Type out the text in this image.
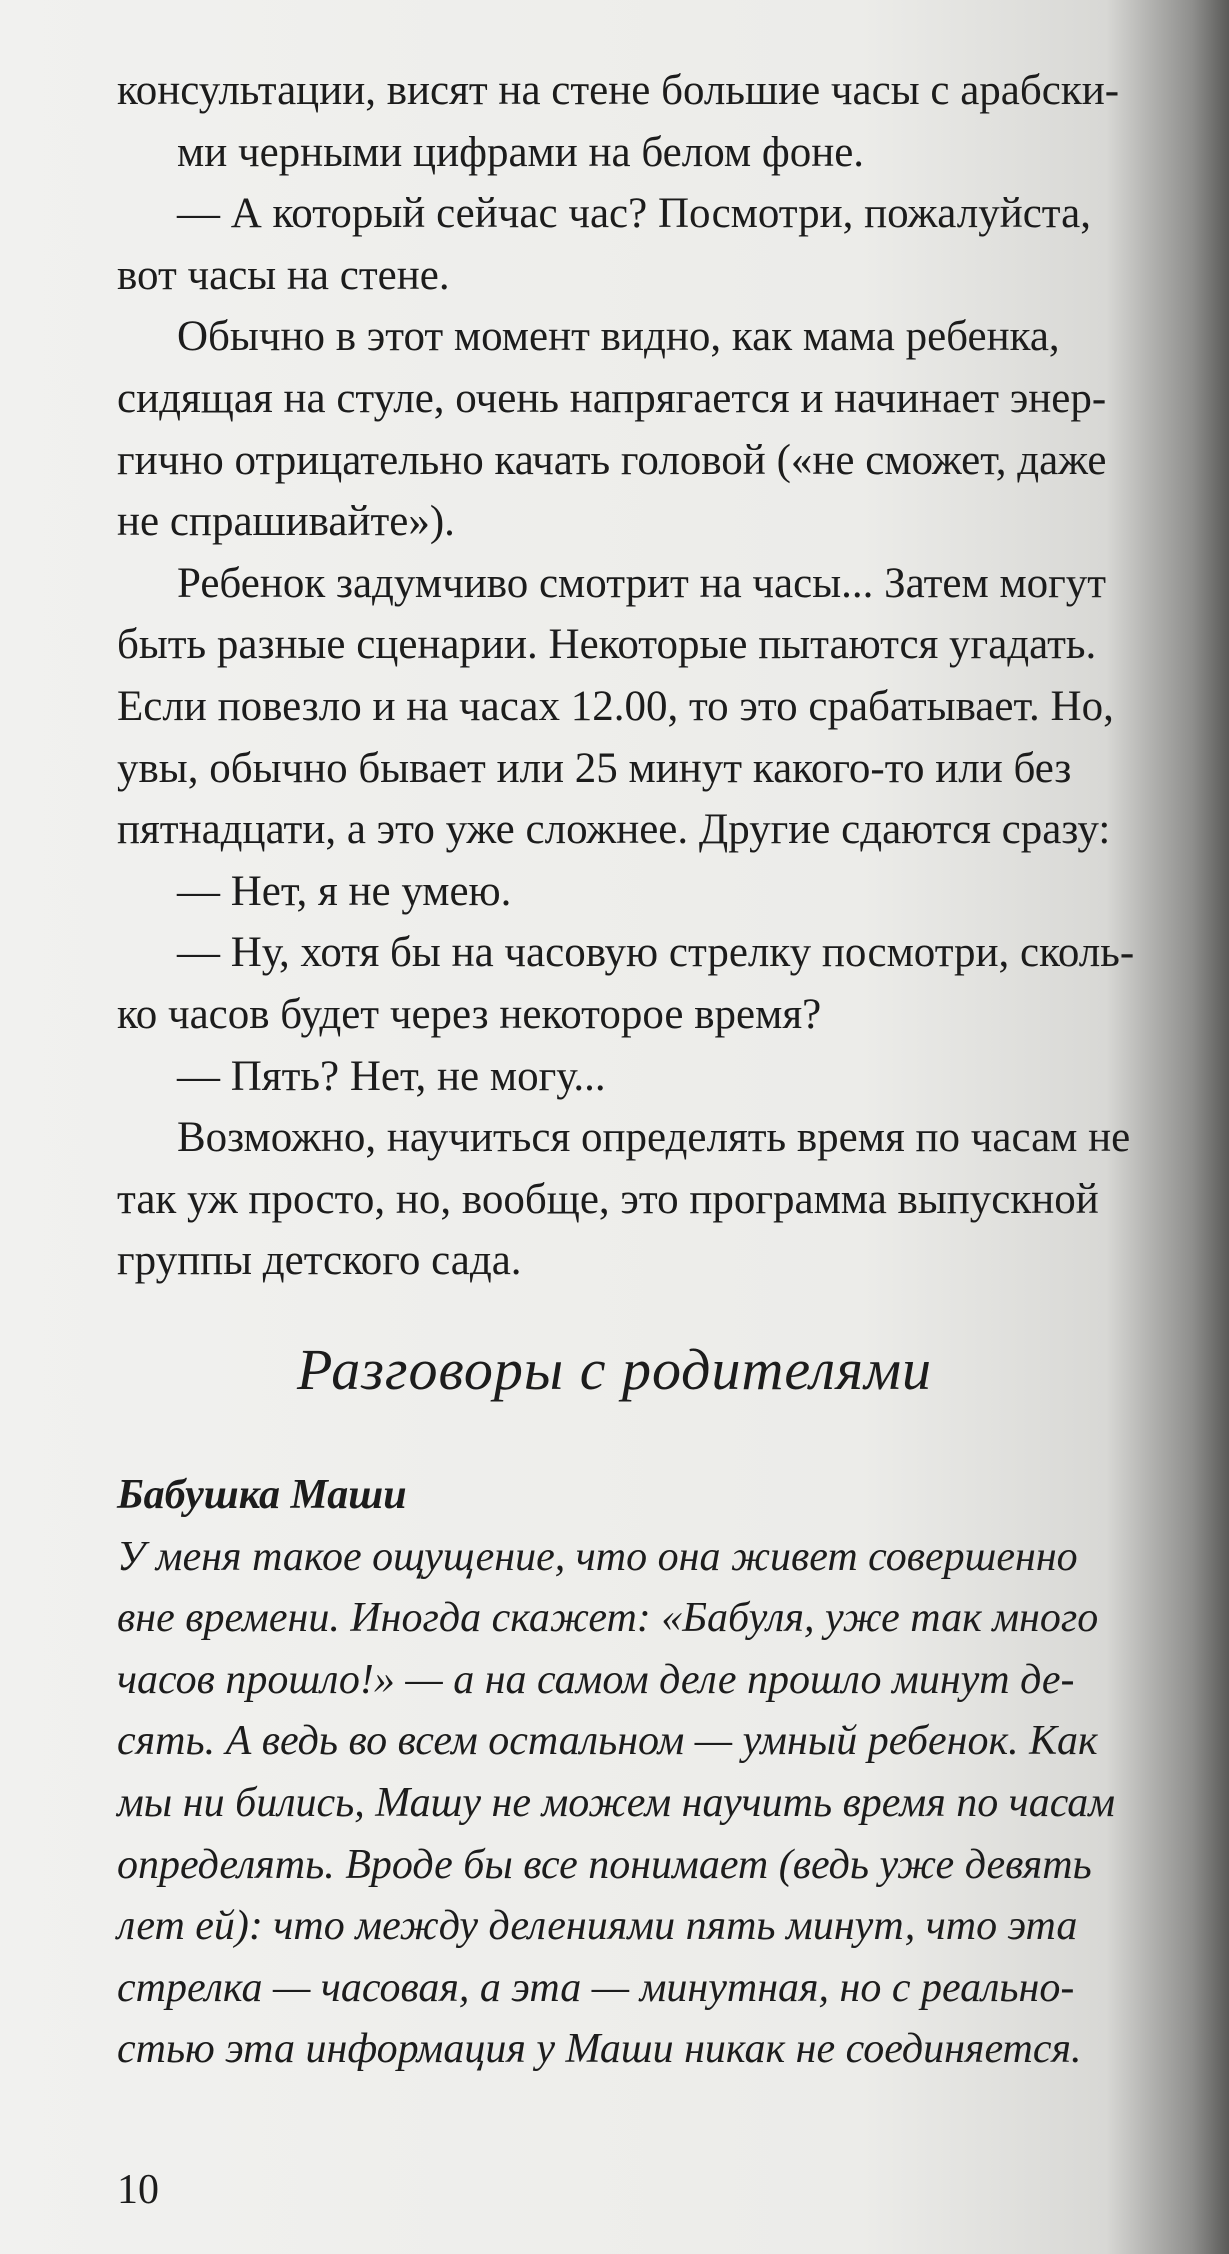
консультации, висят на стене большие часы с арабски-
ми черными цифрами на белом фоне.
— А который сейчас час? Посмотри, пожалуйста,
вот часы на стене.
Обычно в этот момент видно, как мама ребенка,
сидящая на стуле, очень напрягается и начинает энер-
гично отрицательно качать головой («не сможет, даже
не спрашивайте»).
Ребенок задумчиво смотрит на часы... Затем могут
быть разные сценарии. Некоторые пытаются угадать.
Если повезло и на часах 12.00, то это срабатывает. Но,
увы, обычно бывает или 25 минут какого-то или без
пятнадцати, а это уже сложнее. Другие сдаются сразу:
— Нет, я не умею.
— Ну, хотя бы на часовую стрелку посмотри, сколь-
ко часов будет через некоторое время?
— Пять? Нет, не могу...
Возможно, научиться определять время по часам не
так уж просто, но, вообще, это программа выпускной
группы детского сада.
Разговоры с родителями
Бабушка Маши
У меня такое ощущение, что она живет совершенно
вне времени. Иногда скажет: «Бабуля, уже так много
часов прошло!» — а на самом деле прошло минут де-
сять. А ведь во всем остальном — умный ребенок. Как
мы ни бились, Машу не можем научить время по часам
определять. Вроде бы все понимает (ведь уже девять
лет ей): что между делениями пять минут, что эта
стрелка — часовая, а эта — минутная, но с реально-
стью эта информация у Маши никак не соединяется.
10
